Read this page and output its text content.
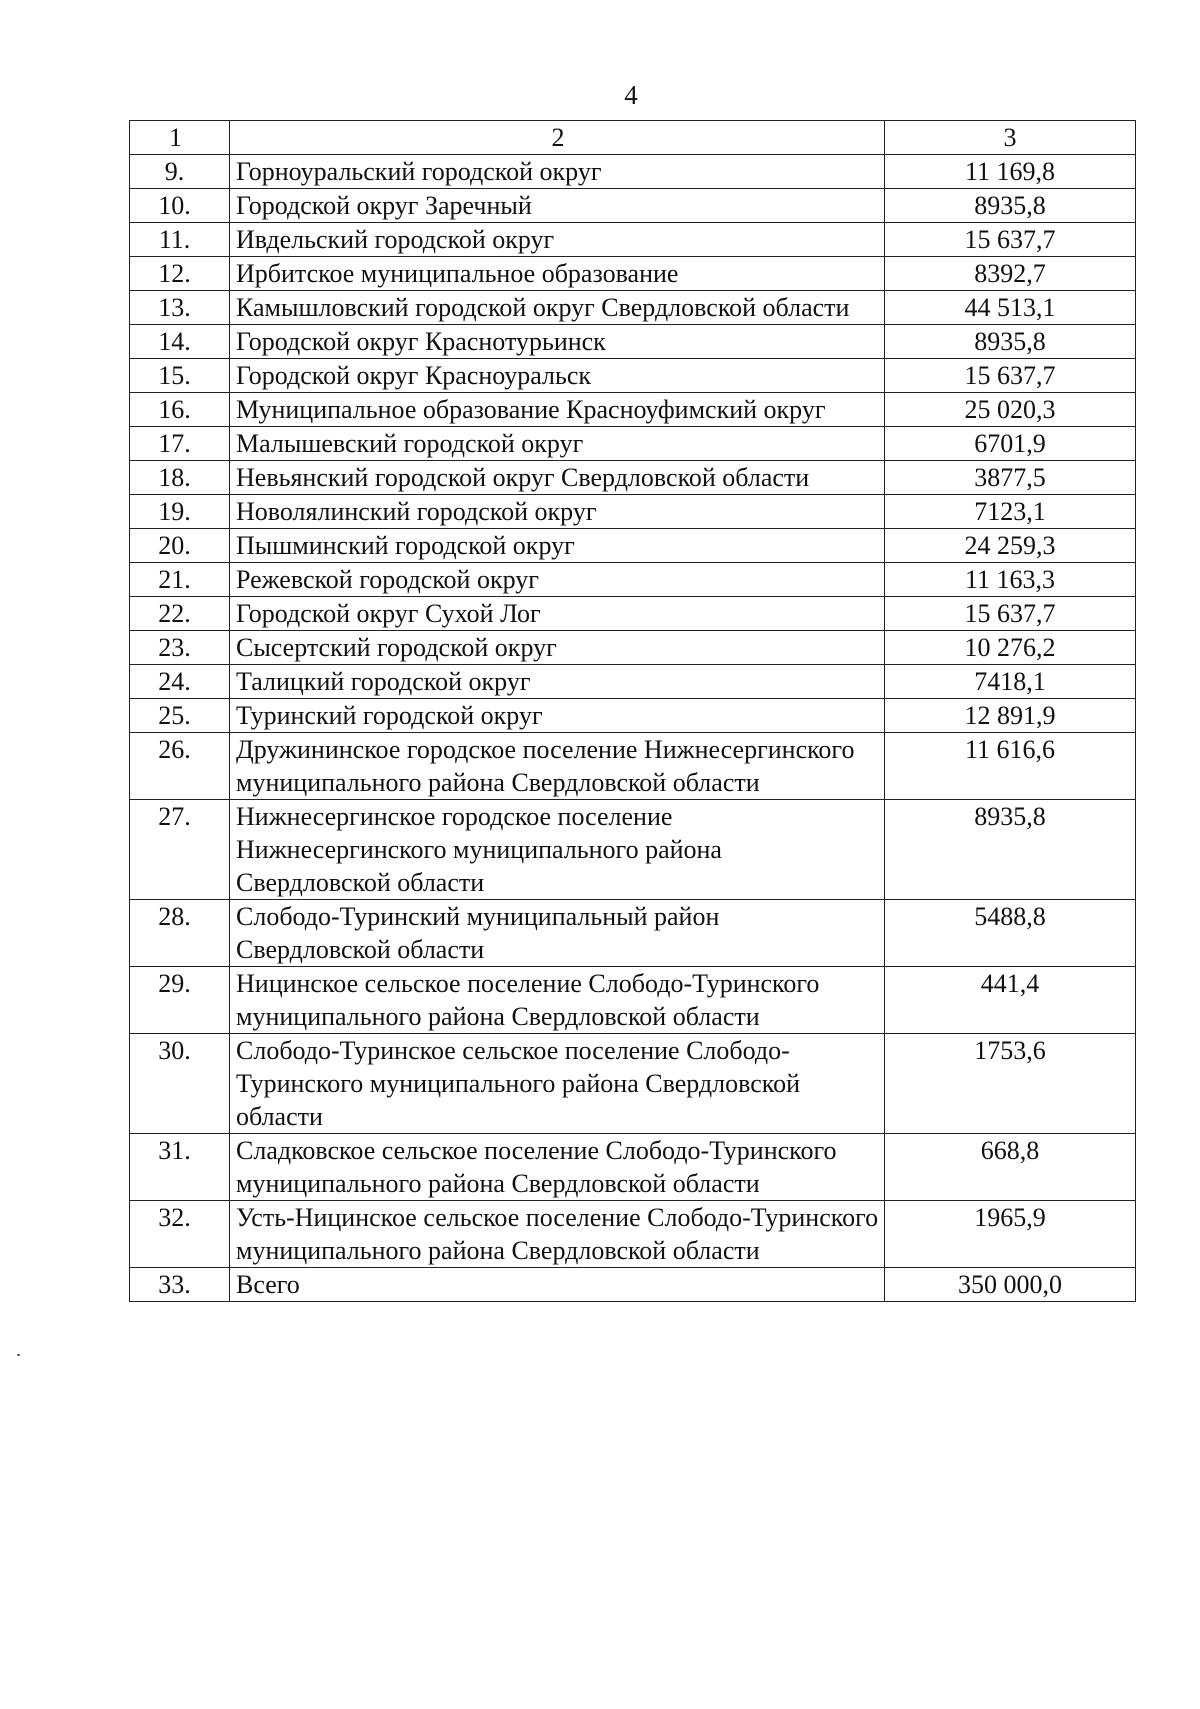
4
1	2	3
9.	Горноуральский городской округ	11 169,8
10.	Городской округ Заречный	8935,8
11.	Ивдельский городской округ	15 637,7
12.	Ирбитское муниципальное образование	8392,7
13.	Камышловский городской округ Свердловской области	44 513,1
14.	Городской округ Краснотурьинск	8935,8
15.	Городской округ Красноуральск	15 637,7
16.	Муниципальное образование Красноуфимский округ	25 020,3
17.	Малышевский городской округ	6701,9
18.	Невьянский городской округ Свердловской области	3877,5
19.	Новолялинский городской округ	7123,1
20.	Пышминский городской округ	24 259,3
21.	Режевской городской округ	11 163,3
22.	Городской округ Сухой Лог	15 637,7
23.	Сысертский городской округ	10 276,2
24.	Талицкий городской округ	7418,1
25.	Туринский городской округ	12 891,9
26.	Дружининское городское поселение Нижнесергинского муниципального района Свердловской области	11 616,6
27.	Нижнесергинское городское поселение Нижнесергинского муниципального района Свердловской области	8935,8
28.	Слободо-Туринский муниципальный район Свердловской области	5488,8
29.	Ницинское сельское поселение Слободо-Туринского муниципального района Свердловской области	441,4
30.	Слободо-Туринское сельское поселение Слободо-Туринского муниципального района Свердловской области	1753,6
31.	Сладковское сельское поселение Слободо-Туринского муниципального района Свердловской области	668,8
32.	Усть-Ницинское сельское поселение Слободо-Туринского муниципального района Свердловской области	1965,9
33.	Всего	350 000,0
